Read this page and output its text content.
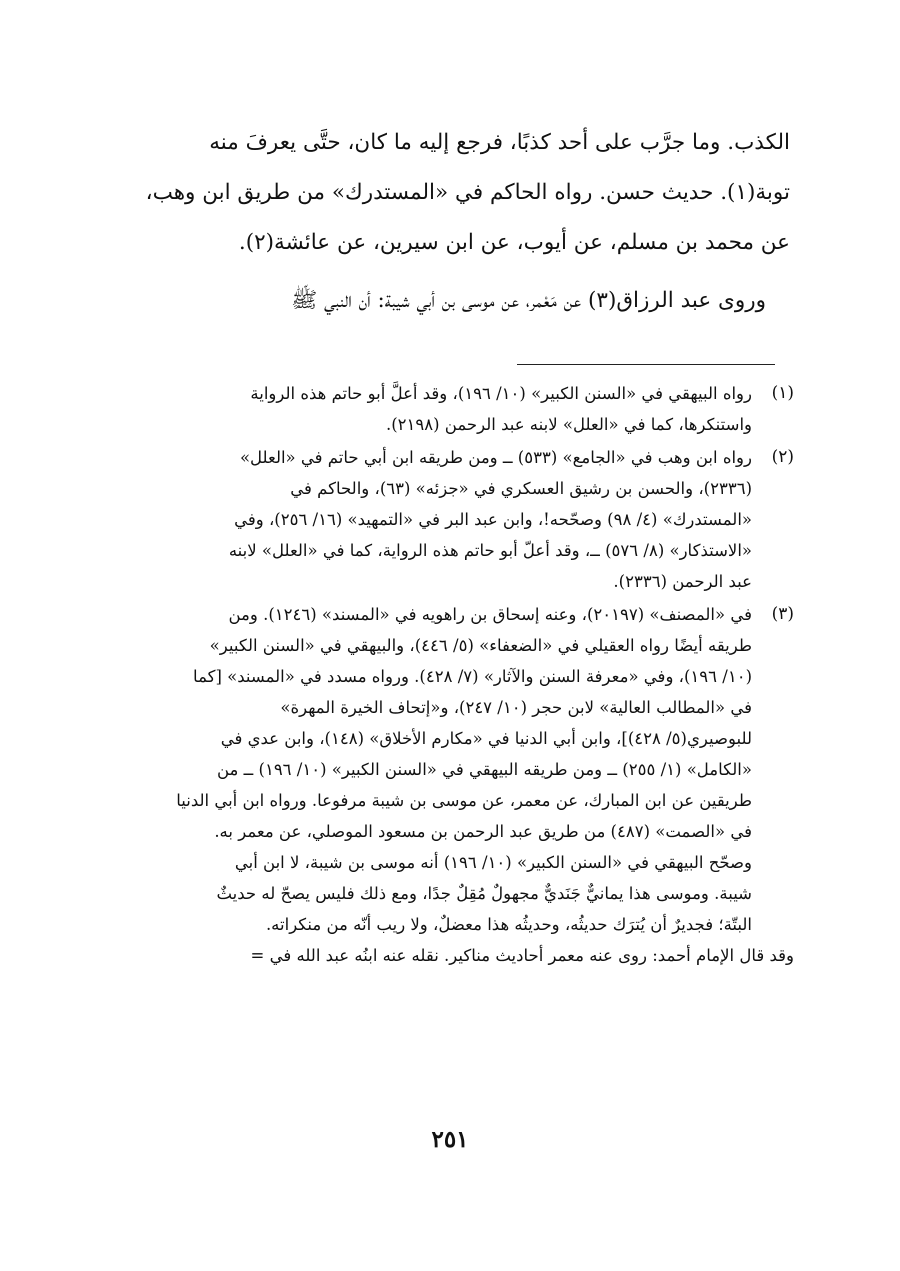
الكذب. وما جرَّب على أحد كذبًا، فرجع إليه ما كان، حتَّى يعرفَ منه

توبة(١). حديث حسن. رواه الحاكم في «المستدرك» من طريق ابن وهب،

عن محمد بن مسلم، عن أيوب، عن ابن سيرين، عن عائشة(٢).

وروى عبد الرزاق(٣) عن مَعْمر، عن موسى بن أبي شيبة: أن النبي ﷺ

(١)
رواه البيهقي في «السنن الكبير» (١٠/ ١٩٦)، وقد أعلَّ أبو حاتم هذه الرواية
واستنكرها، كما في «العلل» لابنه عبد الرحمن (٢١٩٨).
(٢)
رواه ابن وهب في «الجامع» (٥٣٣) ــ ومن طريقه ابن أبي حاتم في «العلل»
(٢٣٣٦)، والحسن بن رشيق العسكري في «جزئه» (٦٣)، والحاكم في
«المستدرك» (٤/ ٩٨) وصحّحه!، وابن عبد البر في «التمهيد» (١٦/ ٢٥٦)، وفي
«الاستذكار» (٨/ ٥٧٦) ــ، وقد أعلّ أبو حاتم هذه الرواية، كما في «العلل» لابنه
عبد الرحمن (٢٣٣٦).
(٣)
في «المصنف» (٢٠١٩٧)، وعنه إسحاق بن راهويه في «المسند» (١٢٤٦). ومن
طريقه أيضًا رواه العقيلي في «الضعفاء» (٥/ ٤٤٦)، والبيهقي في «السنن الكبير»
(١٠/ ١٩٦)، وفي «معرفة السنن والآثار» (٧/ ٤٢٨). ورواه مسدد في «المسند» [كما
في «المطالب العالية» لابن حجر (١٠/ ٢٤٧)، و«إتحاف الخيرة المهرة»
للبوصيري(٥/ ٤٢٨)]، وابن أبي الدنيا في «مكارم الأخلاق» (١٤٨)، وابن عدي في
«الكامل» (١/ ٢٥٥) ــ ومن طريقه البيهقي في «السنن الكبير» (١٠/ ١٩٦) ــ من
طريقين عن ابن المبارك، عن معمر، عن موسى بن شيبة مرفوعا. ورواه ابن أبي الدنيا
في «الصمت» (٤٨٧) من طريق عبد الرحمن بن مسعود الموصلي، عن معمر به.
وصحّح البيهقي في «السنن الكبير» (١٠/ ١٩٦) أنه موسى بن شيبة، لا ابن أبي
شيبة. وموسى هذا يمانيٌّ جَنَديٌّ مجهولٌ مُقِلٌ جدًا، ومع ذلك فليس يصحّ له حديثٌ
البتّة؛ فجديرٌ أن يُترَك حديثُه، وحديثُه هذا معضلٌ، ولا ريب أنّه من منكراته.
وقد قال الإمام أحمد: روى عنه معمر أحاديث مناكير. نقله عنه ابنُه عبد الله في =
٢٥١
